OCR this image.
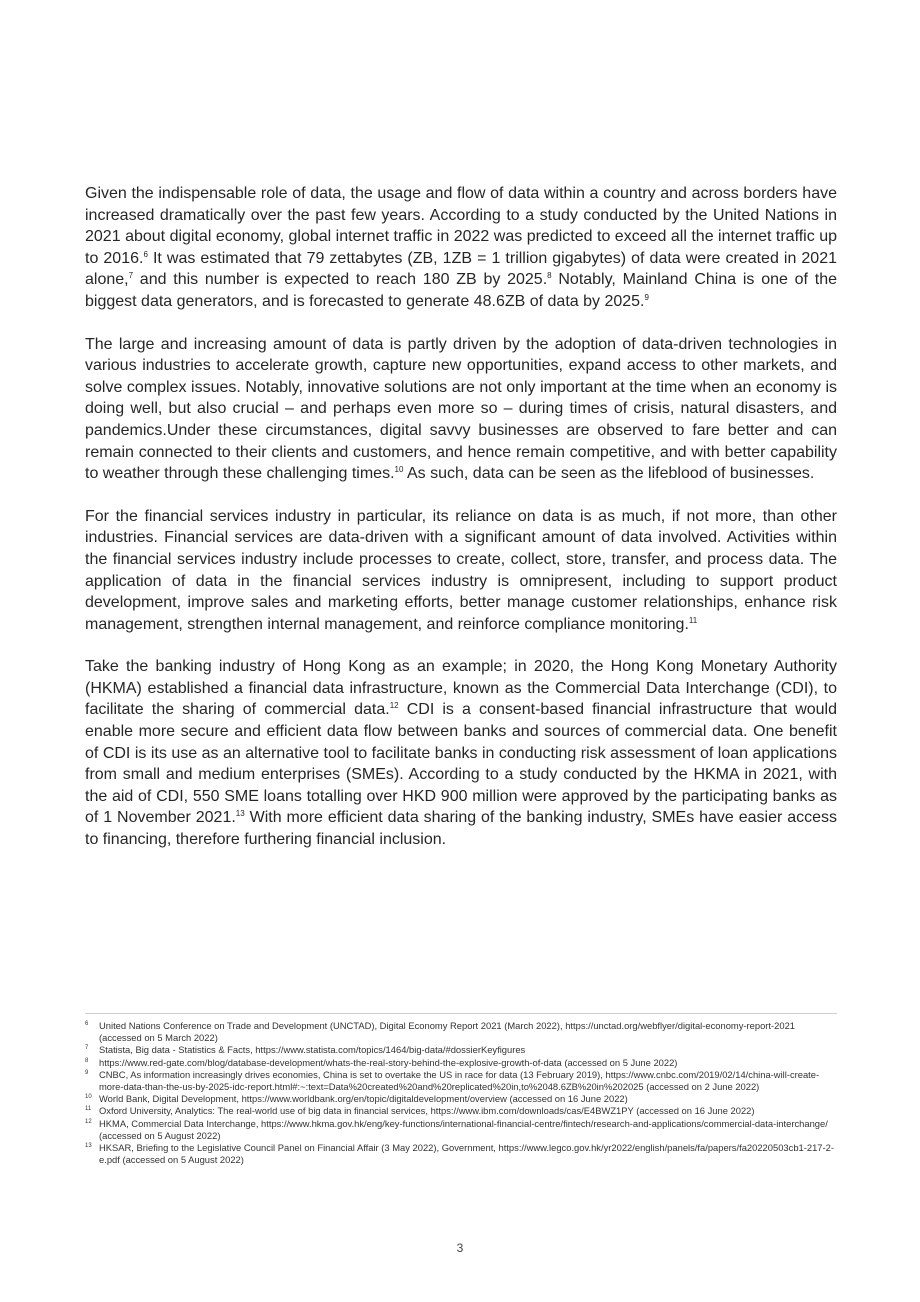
Given the indispensable role of data, the usage and flow of data within a country and across borders have increased dramatically over the past few years. According to a study conducted by the United Nations in 2021 about digital economy, global internet traffic in 2022 was predicted to exceed all the internet traffic up to 2016.$^6$ It was estimated that 79 zettabytes (ZB, 1ZB = 1 trillion gigabytes) of data were created in 2021 alone,$^7$ and this number is expected to reach 180 ZB by 2025.$^8$ Notably, Mainland China is one of the biggest data generators, and is forecasted to generate 48.6ZB of data by 2025.$^9$

The large and increasing amount of data is partly driven by the adoption of data-driven technologies in various industries to accelerate growth, capture new opportunities, expand access to other markets, and solve complex issues. Notably, innovative solutions are not only important at the time when an economy is doing well, but also crucial – and perhaps even more so – during times of crisis, natural disasters, and pandemics.Under these circumstances, digital savvy businesses are observed to fare better and can remain connected to their clients and customers, and hence remain competitive, and with better capability to weather through these challenging times.$^{10}$ As such, data can be seen as the lifeblood of businesses.

For the financial services industry in particular, its reliance on data is as much, if not more, than other industries. Financial services are data-driven with a significant amount of data involved. Activities within the financial services industry include processes to create, collect, store, transfer, and process data. The application of data in the financial services industry is omnipresent, including to support product development, improve sales and marketing efforts, better manage customer relationships, enhance risk management, strengthen internal management, and reinforce compliance monitoring.$^{11}$

Take the banking industry of Hong Kong as an example; in 2020, the Hong Kong Monetary Authority (HKMA) established a financial data infrastructure, known as the Commercial Data Interchange (CDI), to facilitate the sharing of commercial data.$^{12}$ CDI is a consent-based financial infrastructure that would enable more secure and efficient data flow between banks and sources of commercial data. One benefit of CDI is its use as an alternative tool to facilitate banks in conducting risk assessment of loan applications from small and medium enterprises (SMEs). According to a study conducted by the HKMA in 2021, with the aid of CDI, 550 SME loans totalling over HKD 900 million were approved by the participating banks as of 1 November 2021.13 With more efficient data sharing of the banking industry, SMEs have easier access to financing, therefore furthering financial inclusion.

6 United Nations Conference on Trade and Development (UNCTAD), Digital Economy Report 2021 (March 2022), https://unctad.org/webflyer/digital-economy-report-2021 (accessed on 5 March 2022)

7 Statista, Big data - Statistics & Facts, https://www.statista.com/topics/1464/big-data/#dossierKeyfigures

8 https://www.red-gate.com/blog/database-development/whats-the-real-story-behind-the-explosive-growth-of-data (accessed on 5 June 2022)

9 CNBC, As information increasingly drives economies, China is set to overtake the US in race for data (13 February 2019), https://www.cnbc.com/2019/02/14/china-will-create-more-data-than-the-us-by-2025-idc-report.html#:~:text=Data%20created%20and%20replicated%20in,to%2048.6ZB%20in%202025 (accessed on 2 June 2022)

10 World Bank, Digital Development, https://www.worldbank.org/en/topic/digitaldevelopment/overview (accessed on 16 June 2022)

11 Oxford University, Analytics: The real-world use of big data in financial services, https://www.ibm.com/downloads/cas/E4BWZ1PY (accessed on 16 June 2022)

12 HKMA, Commercial Data Interchange, https://www.hkma.gov.hk/eng/key-functions/international-financial-centre/fintech/research-and-applications/commercial-data-interchange/ (accessed on 5 August 2022)

13 HKSAR, Briefing to the Legislative Council Panel on Financial Affair (3 May 2022), Government, https://www.legco.gov.hk/yr2022/english/panels/fa/papers/fa20220503cb1-217-2-e.pdf (accessed on 5 August 2022)

3
